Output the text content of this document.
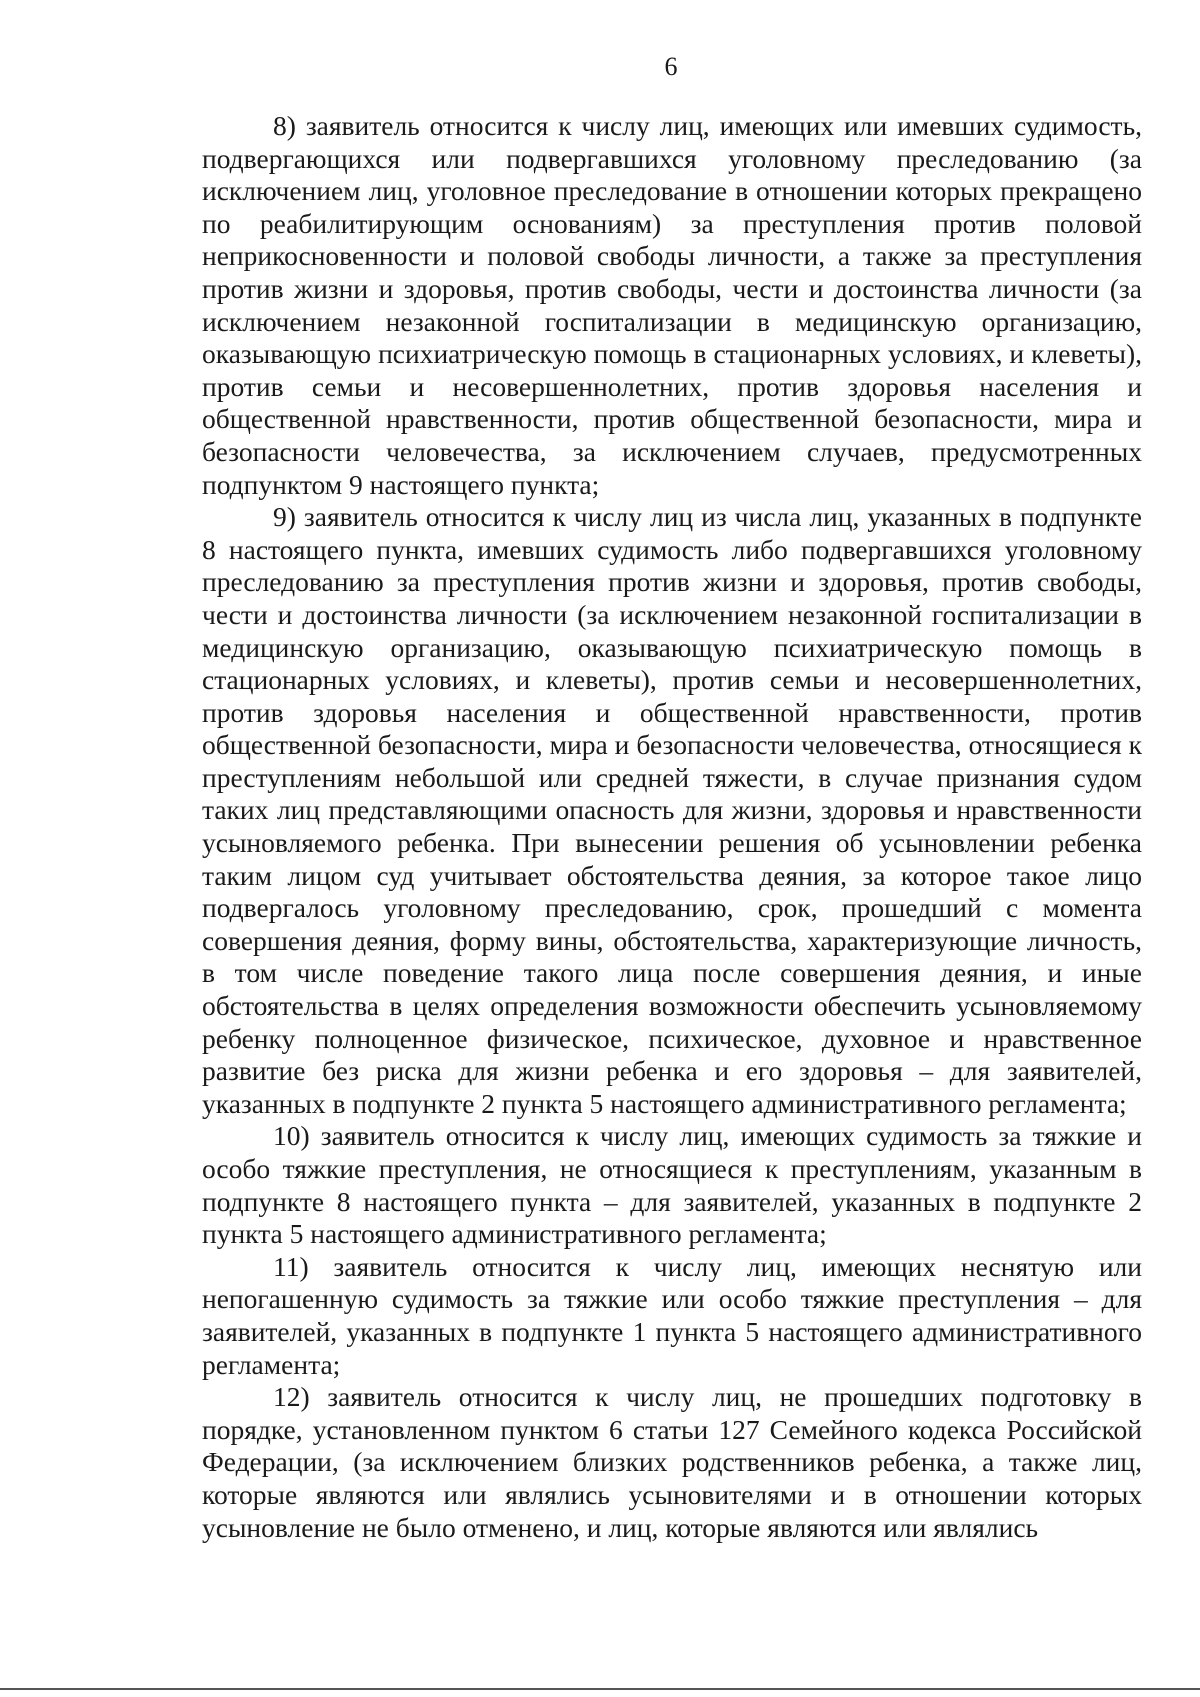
6

8) заявитель относится к числу лиц, имеющих или имевших судимость, подвергающихся или подвергавшихся уголовному преследованию (за исключением лиц, уголовное преследование в отношении которых прекращено по реабилитирующим основаниям) за преступления против половой неприкосновенности и половой свободы личности, а также за преступления против жизни и здоровья, против свободы, чести и достоинства личности (за исключением незаконной госпитализации в медицинскую организацию, оказывающую психиатрическую помощь в стационарных условиях, и клеветы), против семьи и несовершеннолетних, против здоровья населения и общественной нравственности, против общественной безопасности, мира и безопасности человечества, за исключением случаев, предусмотренных подпунктом 9 настоящего пункта;

9) заявитель относится к числу лиц из числа лиц, указанных в подпункте 8 настоящего пункта, имевших судимость либо подвергавшихся уголовному преследованию за преступления против жизни и здоровья, против свободы, чести и достоинства личности (за исключением незаконной госпитализации в медицинскую организацию, оказывающую психиатрическую помощь в стационарных условиях, и клеветы), против семьи и несовершеннолетних, против здоровья населения и общественной нравственности, против общественной безопасности, мира и безопасности человечества, относящиеся к преступлениям небольшой или средней тяжести, в случае признания судом таких лиц представляющими опасность для жизни, здоровья и нравственности усыновляемого ребенка. При вынесении решения об усыновлении ребенка таким лицом суд учитывает обстоятельства деяния, за которое такое лицо подвергалось уголовному преследованию, срок, прошедший с момента совершения деяния, форму вины, обстоятельства, характеризующие личность, в том числе поведение такого лица после совершения деяния, и иные обстоятельства в целях определения возможности обеспечить усыновляемому ребенку полноценное физическое, психическое, духовное и нравственное развитие без риска для жизни ребенка и его здоровья – для заявителей, указанных в подпункте 2 пункта 5 настоящего административного регламента;

10) заявитель относится к числу лиц, имеющих судимость за тяжкие и особо тяжкие преступления, не относящиеся к преступлениям, указанным в подпункте 8 настоящего пункта – для заявителей, указанных в подпункте 2 пункта 5 настоящего административного регламента;

11) заявитель относится к числу лиц, имеющих неснятую или непогашенную судимость за тяжкие или особо тяжкие преступления – для заявителей, указанных в подпункте 1 пункта 5 настоящего административного регламента;

12) заявитель относится к числу лиц, не прошедших подготовку в порядке, установленном пунктом 6 статьи 127 Семейного кодекса Российской Федерации, (за исключением близких родственников ребенка, а также лиц, которые являются или являлись усыновителями и в отношении которых усыновление не было отменено, и лиц, которые являются или являлись
